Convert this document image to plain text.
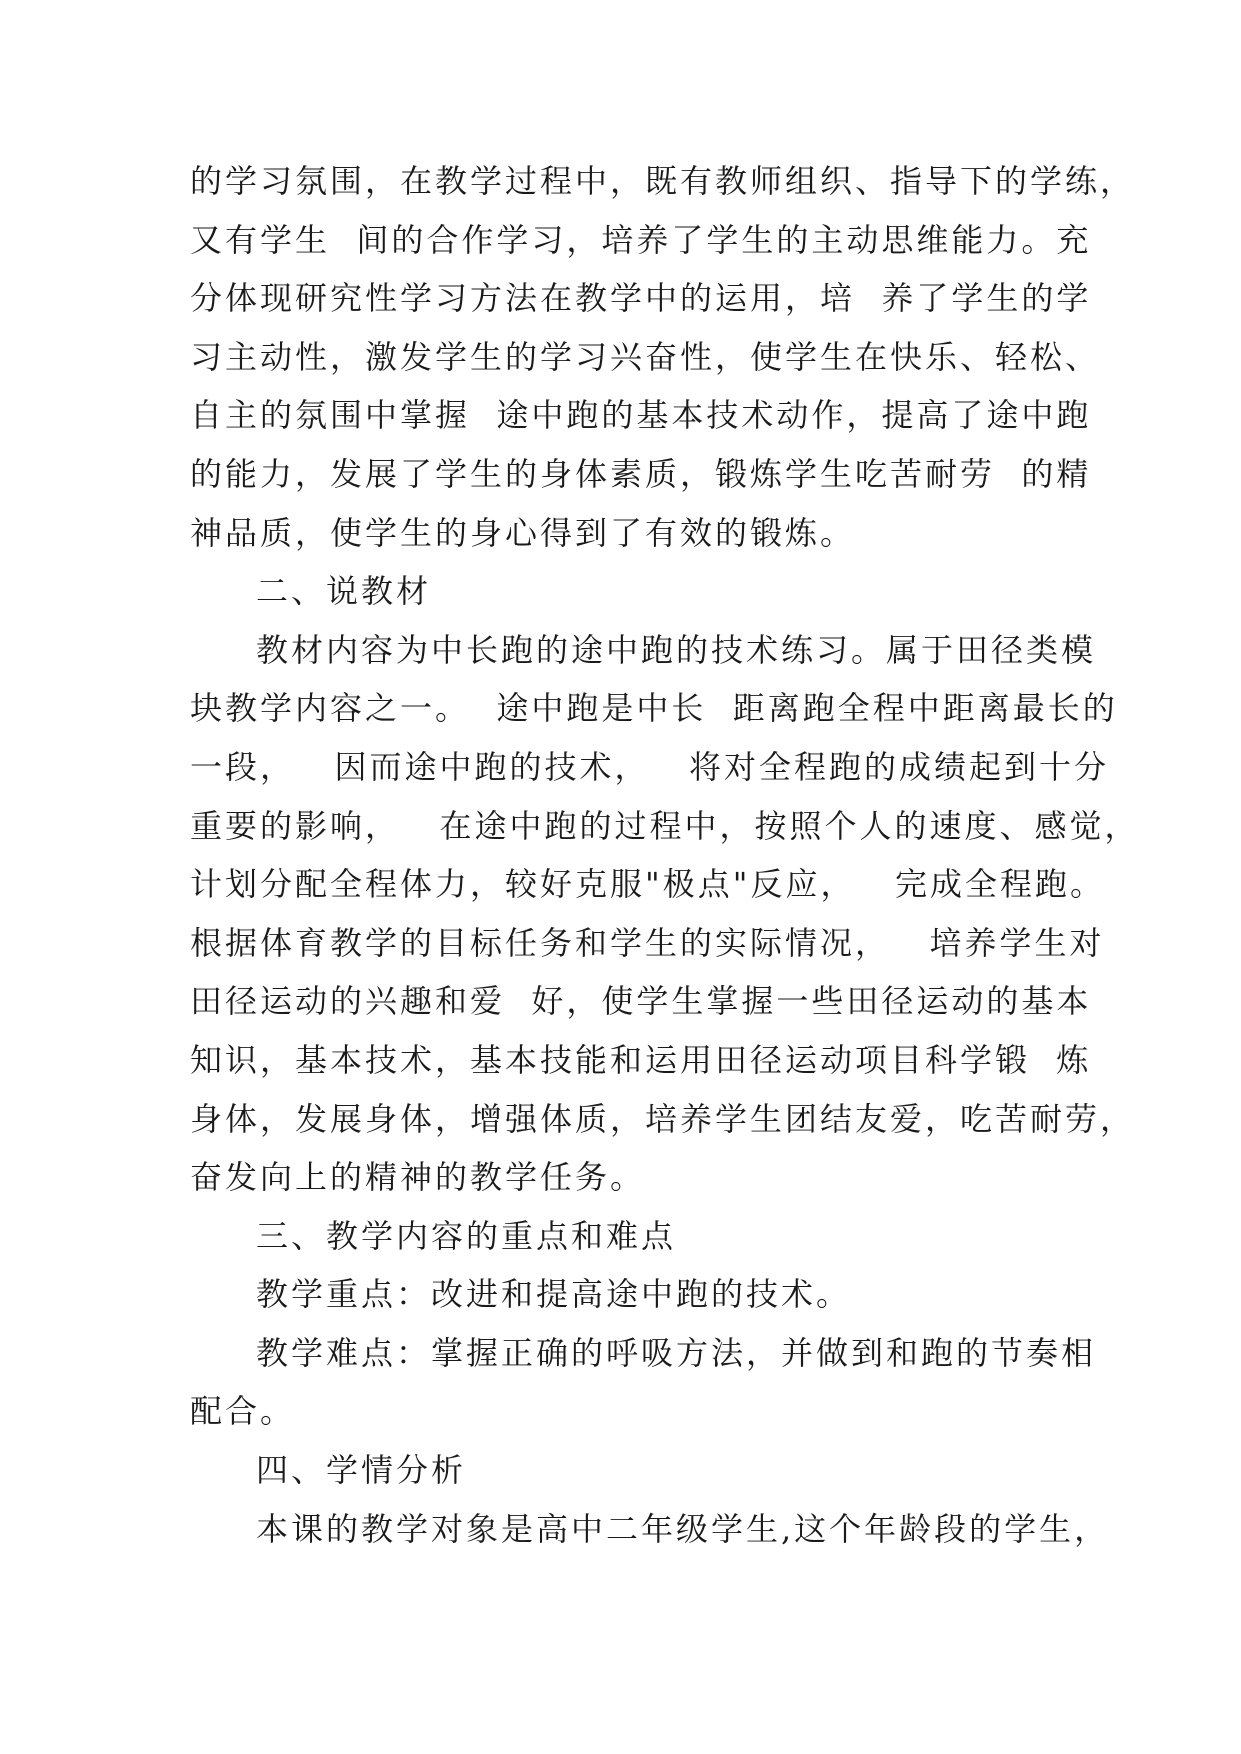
的学习氛围，在教学过程中，既有教师组织、指导下的学练，
又有学生  间的合作学习，培养了学生的主动思维能力。充
分体现研究性学习方法在教学中的运用，培  养了学生的学
习主动性，激发学生的学习兴奋性，使学生在快乐、轻松、
自主的氛围中掌握  途中跑的基本技术动作，提高了途中跑
的能力，发展了学生的身体素质，锻炼学生吃苦耐劳  的精
神品质，使学生的身心得到了有效的锻炼。
二、说教材
教材内容为中长跑的途中跑的技术练习。属于田径类模
块教学内容之一。  途中跑是中长  距离跑全程中距离最长的
一段，   因而途中跑的技术，   将对全程跑的成绩起到十分
重要的影响，   在途中跑的过程中，按照个人的速度、感觉，
计划分配全程体力，较好克服"极点"反应，   完成全程跑。
根据体育教学的目标任务和学生的实际情况，   培养学生对
田径运动的兴趣和爱  好，使学生掌握一些田径运动的基本
知识，基本技术，基本技能和运用田径运动项目科学锻  炼
身体，发展身体，增强体质，培养学生团结友爱，吃苦耐劳，
奋发向上的精神的教学任务。
三、教学内容的重点和难点
教学重点：改进和提高途中跑的技术。
教学难点：掌握正确的呼吸方法，并做到和跑的节奏相
配合。
四、学情分析
本课的教学对象是高中二年级学生,这个年龄段的学生，
